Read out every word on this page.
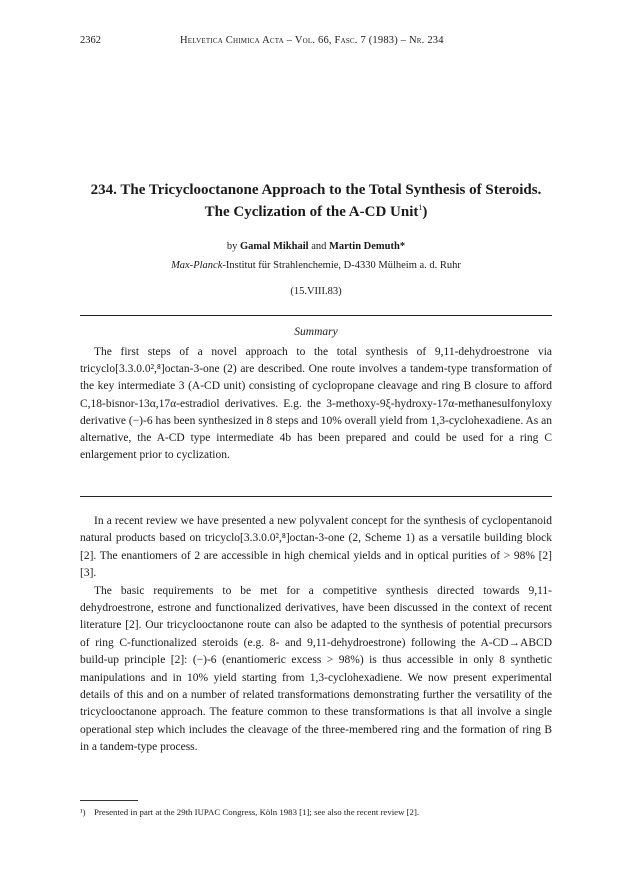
2362	Helvetica Chimica Acta – Vol. 66, Fasc. 7 (1983) – Nr. 234

234. The Tricyclooctanone Approach to the Total Synthesis of Steroids.
The Cyclization of the A-CD Unit$^1$)

by Gamal Mikhail and Martin Demuth*
Max-Planck-Institut für Strahlenchemie, D-4330 Mülheim a. d. Ruhr
(15.VIII.83)
Summary

The first steps of a novel approach to the total synthesis of 9,11-dehydroestrone via tricyclo[3.3.0.0²,⁸]octan-3-one (2) are described. One route involves a tandem-type transformation of the key intermediate 3 (A-CD unit) consisting of cyclopropane cleavage and ring B closure to afford C,18-bisnor-13α,17α-estradiol derivatives. E.g. the 3-methoxy-9ξ-hydroxy-17α-methanesulfonyloxy derivative (−)-6 has been synthesized in 8 steps and 10% overall yield from 1,3-cyclohexadiene. As an alternative, the A-CD type intermediate 4b has been prepared and could be used for a ring C enlargement prior to cyclization.

In a recent review we have presented a new polyvalent concept for the synthesis of cyclopentanoid natural products based on tricyclo[3.3.0.0²,⁸]octan-3-one (2, Scheme 1) as a versatile building block [2]. The enantiomers of 2 are accessible in high chemical yields and in optical purities of > 98% [2] [3].

The basic requirements to be met for a competitive synthesis directed towards 9,11-dehydroestrone, estrone and functionalized derivatives, have been discussed in the context of recent literature [2]. Our tricyclooctanone route can also be adapted to the synthesis of potential precursors of ring C-functionalized steroids (e.g. 8- and 9,11-dehydroestrone) following the A-CD→ABCD build-up principle [2]: (−)-6 (enantiomeric excess > 98%) is thus accessible in only 8 synthetic manipulations and in 10% yield starting from 1,3-cyclohexadiene. We now present experimental details of this and on a number of related transformations demonstrating further the versatility of the tricyclooctanone approach. The feature common to these transformations is that all involve a single operational step which includes the cleavage of the three-membered ring and the formation of ring B in a tandem-type process.

¹) Presented in part at the 29th IUPAC Congress, Köln 1983 [1]; see also the recent review [2].
